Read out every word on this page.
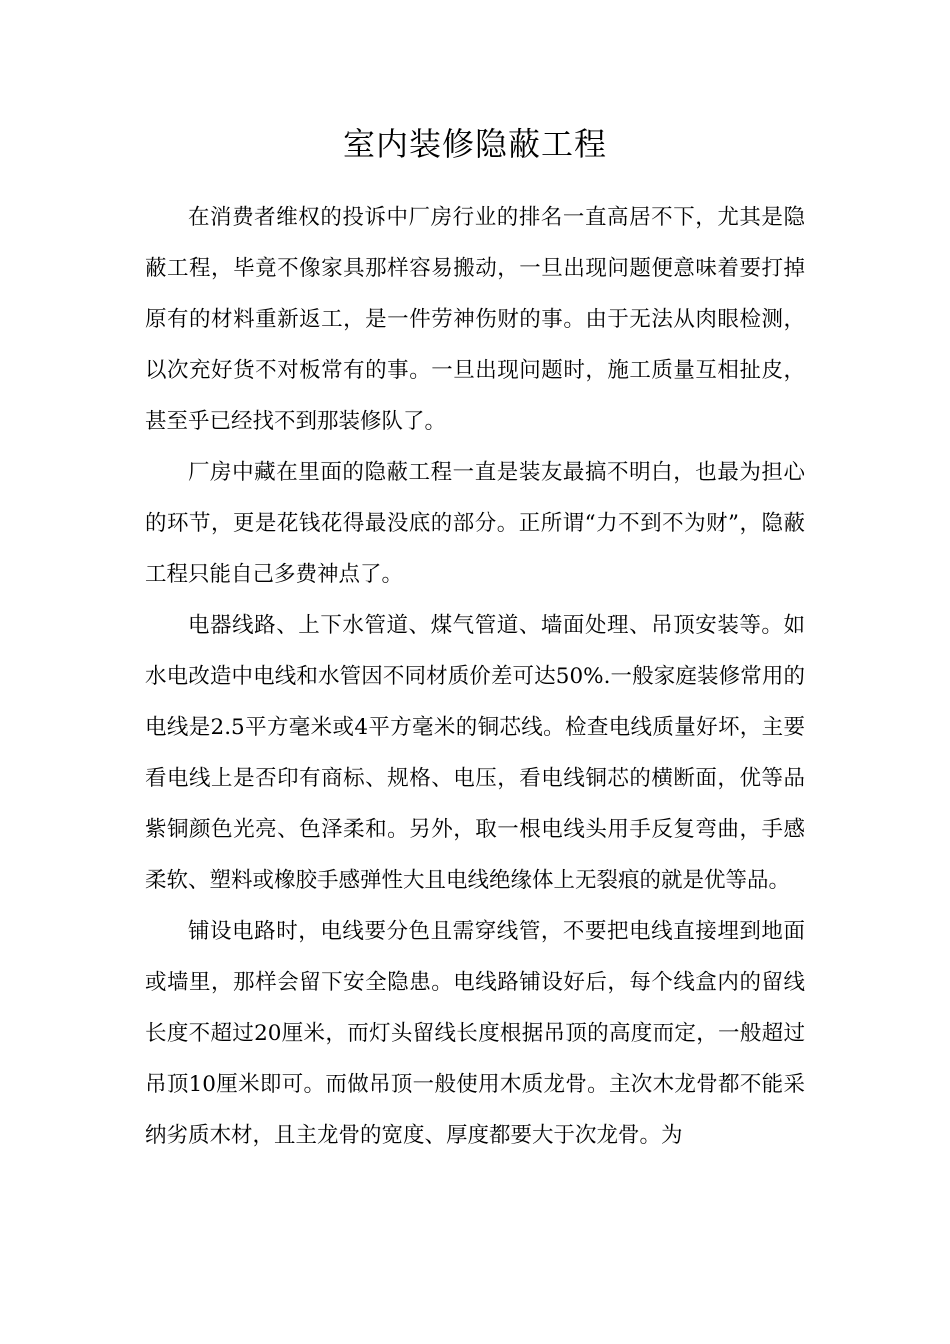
室内装修隐蔽工程

在消费者维权的投诉中厂房行业的排名一直高居不下，尤其是隐蔽工程，毕竟不像家具那样容易搬动，一旦出现问题便意味着要打掉原有的材料重新返工，是一件劳神伤财的事。由于无法从肉眼检测，以次充好货不对板常有的事。一旦出现问题时，施工质量互相扯皮，甚至乎已经找不到那装修队了。

厂房中藏在里面的隐蔽工程一直是装友最搞不明白，也最为担心的环节，更是花钱花得最没底的部分。正所谓“力不到不为财”，隐蔽工程只能自己多费神点了。

电器线路、上下水管道、煤气管道、墙面处理、吊顶安装等。如水电改造中电线和水管因不同材质价差可达50%.一般家庭装修常用的电线是2.5平方毫米或4平方毫米的铜芯线。检查电线质量好坏，主要看电线上是否印有商标、规格、电压，看电线铜芯的横断面，优等品紫铜颜色光亮、色泽柔和。另外，取一根电线头用手反复弯曲，手感柔软、塑料或橡胶手感弹性大且电线绝缘体上无裂痕的就是优等品。

铺设电路时，电线要分色且需穿线管，不要把电线直接埋到地面或墙里，那样会留下安全隐患。电线路铺设好后，每个线盒内的留线长度不超过20厘米，而灯头留线长度根据吊顶的高度而定，一般超过吊顶10厘米即可。而做吊顶一般使用木质龙骨。主次木龙骨都不能采纳劣质木材，且主龙骨的宽度、厚度都要大于次龙骨。为
